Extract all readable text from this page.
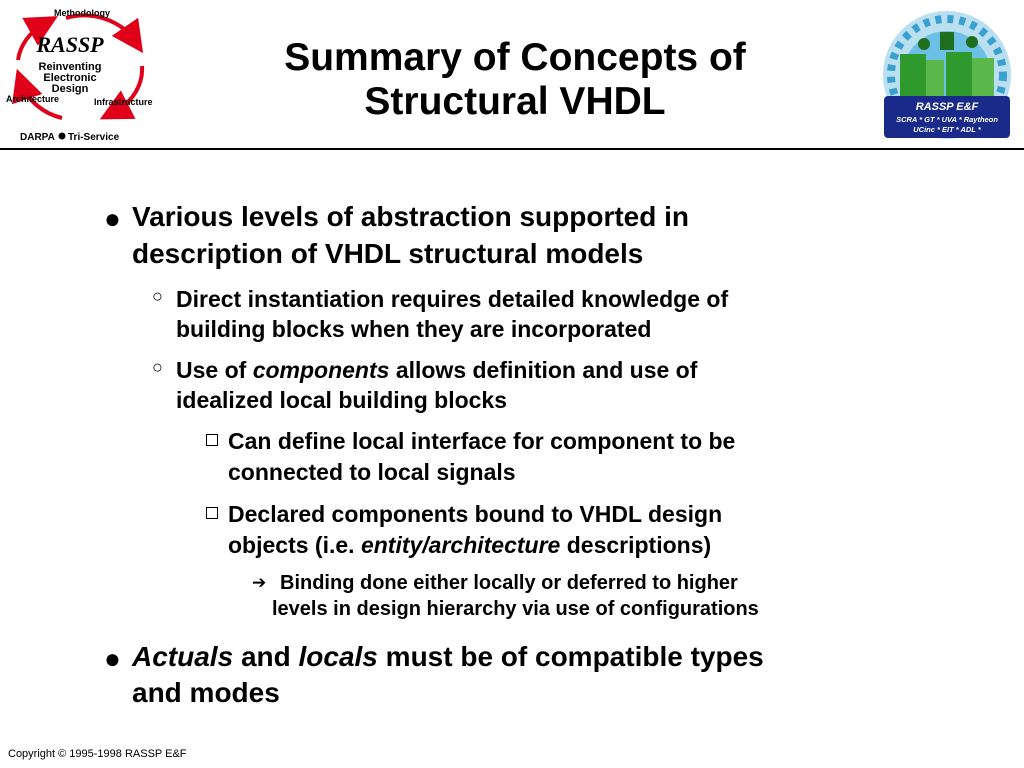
Methodology
RASSP
Reinventing
Electronic
Design
Architecture	Infrastructure
DARPA Tri-Service
Summary of Concepts of
Structural VHDL	RASSP E&F
SCRA * GT * UVA * Raytheon
UCinc * EIT * ADL *
● Various levels of abstraction supported in
description of VHDL structural models
○ Direct instantiation requires detailed knowledge of
building blocks when they are incorporated
○ Use of components allows definition and use of
idealized local building blocks
Can define local interface for component to be
connected to local signals
Declared components bound to VHDL design
objects (i.e. entity/architecture descriptions)
➔ Binding done either locally or deferred to higher
levels in design hierarchy via use of configurations
● Actuals and locals must be of compatible types
and modes
Copyright © 1995-1998 RASSP E&F
